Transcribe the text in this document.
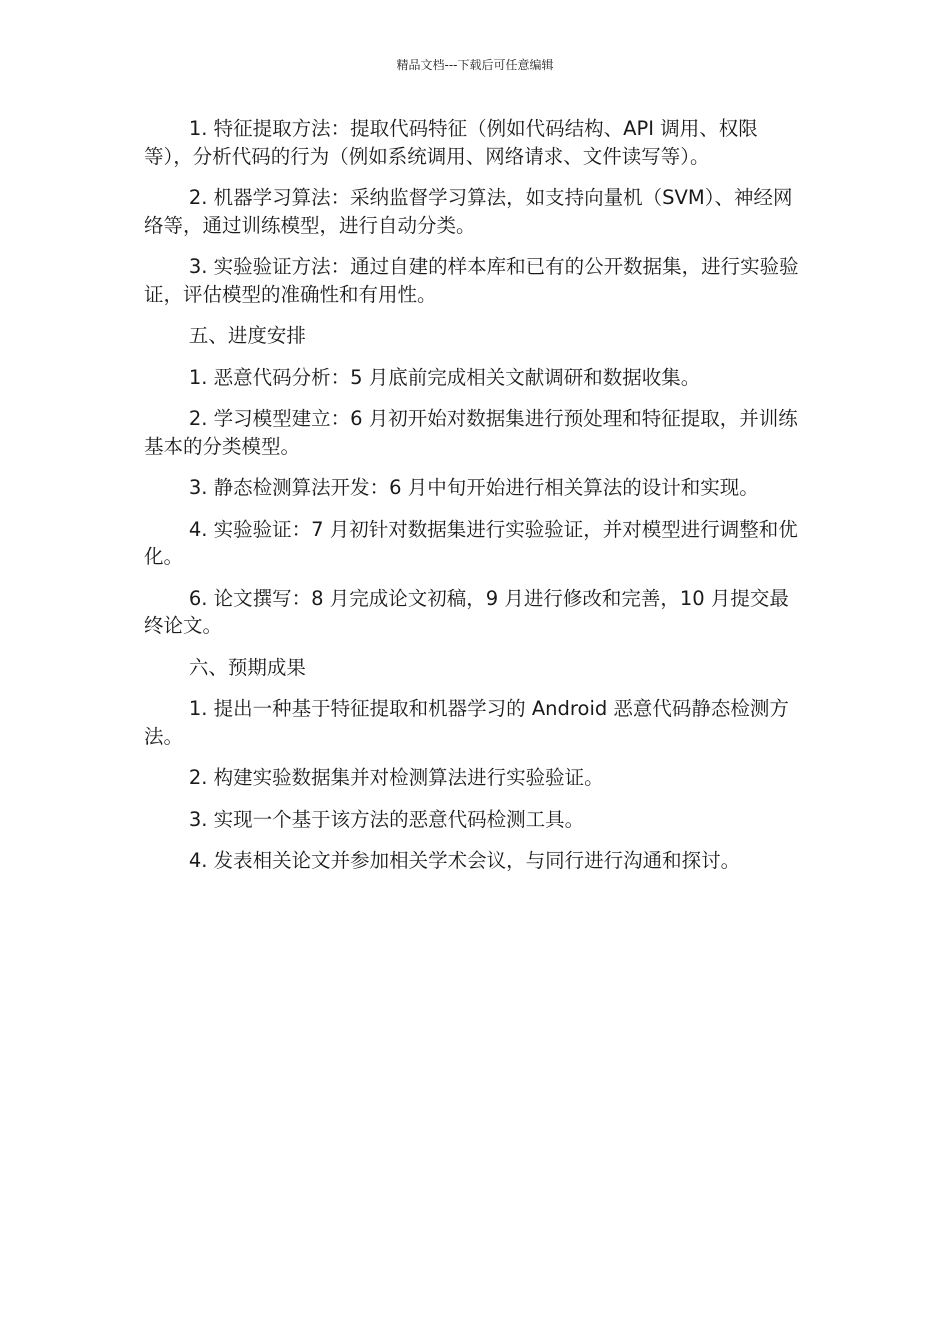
精品文档---下载后可任意编辑

1. 特征提取方法：提取代码特征（例如代码结构、API 调用、权限等），分析代码的行为（例如系统调用、网络请求、文件读写等）。

2. 机器学习算法：采纳监督学习算法，如支持向量机（SVM）、神经网络等，通过训练模型，进行自动分类。

3. 实验验证方法：通过自建的样本库和已有的公开数据集，进行实验验证，评估模型的准确性和有用性。

五、进度安排

1. 恶意代码分析：5 月底前完成相关文献调研和数据收集。

2. 学习模型建立：6 月初开始对数据集进行预处理和特征提取，并训练基本的分类模型。

3. 静态检测算法开发：6 月中旬开始进行相关算法的设计和实现。

4. 实验验证：7 月初针对数据集进行实验验证，并对模型进行调整和优化。

6. 论文撰写：8 月完成论文初稿，9 月进行修改和完善，10 月提交最终论文。

六、预期成果

1. 提出一种基于特征提取和机器学习的 Android 恶意代码静态检测方法。

2. 构建实验数据集并对检测算法进行实验验证。

3. 实现一个基于该方法的恶意代码检测工具。

4. 发表相关论文并参加相关学术会议，与同行进行沟通和探讨。
